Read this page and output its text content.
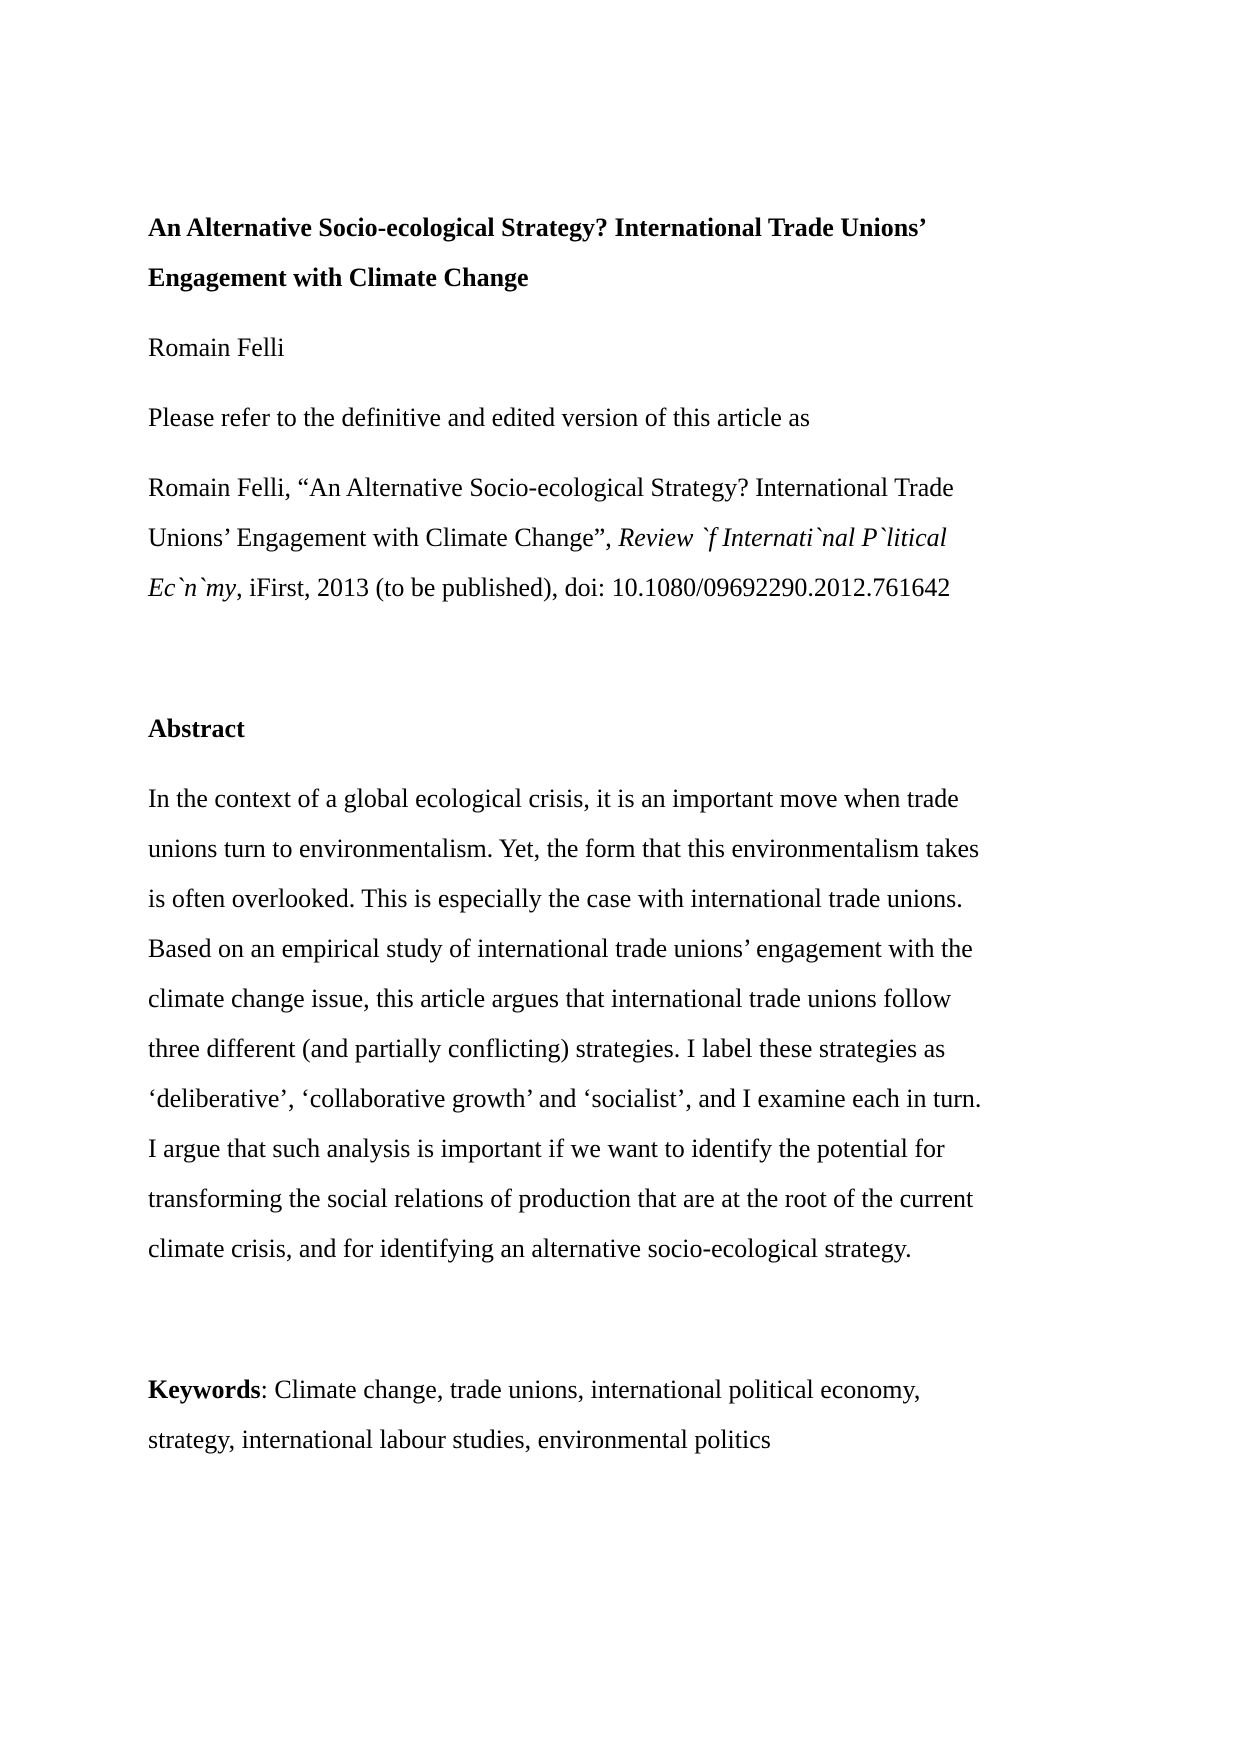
An Alternative Socio-ecological Strategy? International Trade Unions’
Engagement with Climate Change
Romain Felli
Please refer to the definitive and edited version of this article as
Romain Felli, “An Alternative Socio-ecological Strategy? International Trade
Unions’ Engagement with Climate Change”, Review `f Internati`nal P`litical
Ec`n`my, iFirst, 2013 (to be published), doi: 10.1080/09692290.2012.761642
Abstract
In the context of a global ecological crisis, it is an important move when trade
unions turn to environmentalism. Yet, the form that this environmentalism takes
is often overlooked. This is especially the case with international trade unions.
Based on an empirical study of international trade unions’ engagement with the
climate change issue, this article argues that international trade unions follow
three different (and partially conflicting) strategies. I label these strategies as
‘deliberative’, ‘collaborative growth’ and ‘socialist’, and I examine each in turn.
I argue that such analysis is important if we want to identify the potential for
transforming the social relations of production that are at the root of the current
climate crisis, and for identifying an alternative socio-ecological strategy.
Keywords: Climate change, trade unions, international political economy,
strategy, international labour studies, environmental politics
